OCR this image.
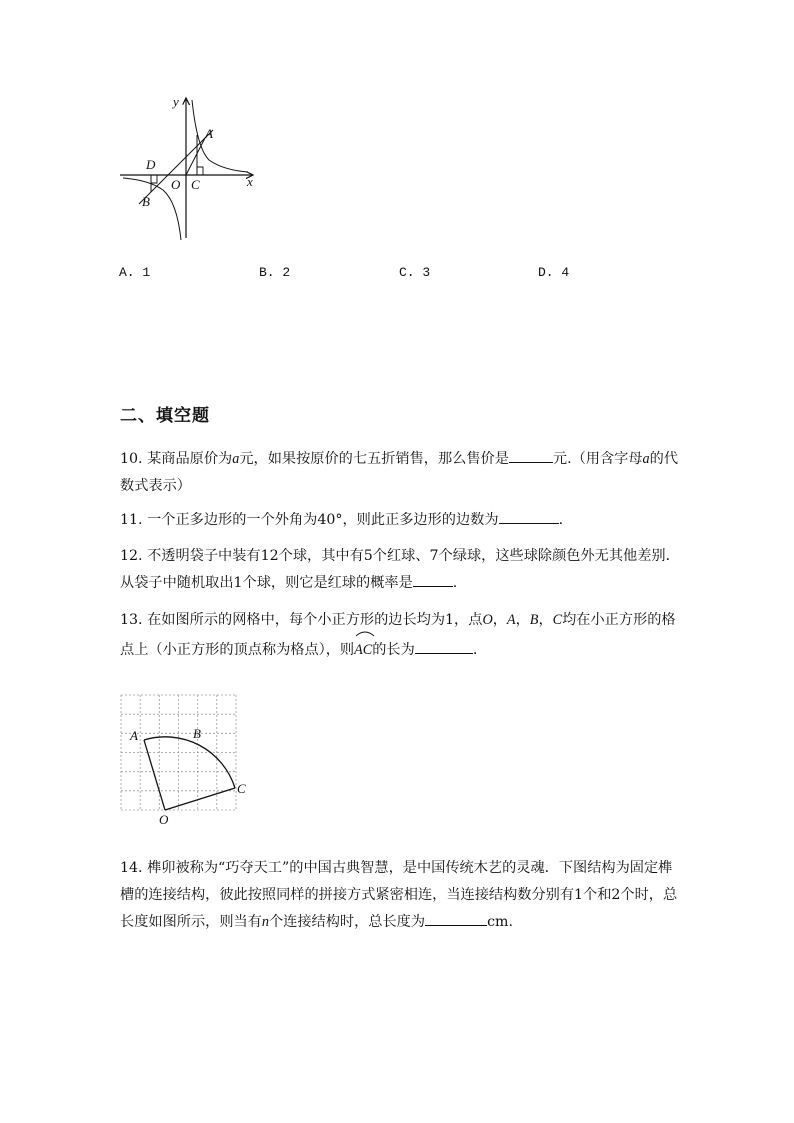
y
x
A
D
O C
B
A. 1	B. 2	C. 3	D. 4
二、填空题
10. 某商品原价为a元，如果按原价的七五折销售，那么售价是	元.（用含字母a的代数式表示）
11. 一个正多边形的一个外角为40°，则此正多边形的边数为	.
12. 不透明袋子中装有12个球，其中有5个红球、7个绿球，这些球除颜色外无其他差别．从袋子中随机取出1个球，则它是红球的概率是	.
13. 在如图所示的网格中，每个小正方形的边长均为1，点O，A，B，C均在小正方形的格点上（小正方形的顶点称为格点），则
AC的长为	.
A	B
C
O
14. 榫卯被称为“巧夺天工”的中国古典智慧，是中国传统木艺的灵魂．下图结构为固定榫槽的连接结构，彼此按照同样的拼接方式紧密相连，当连接结构数分别有1个和2个时，总长度如图所示，则当有n个连接结构时，总长度为	cm.
